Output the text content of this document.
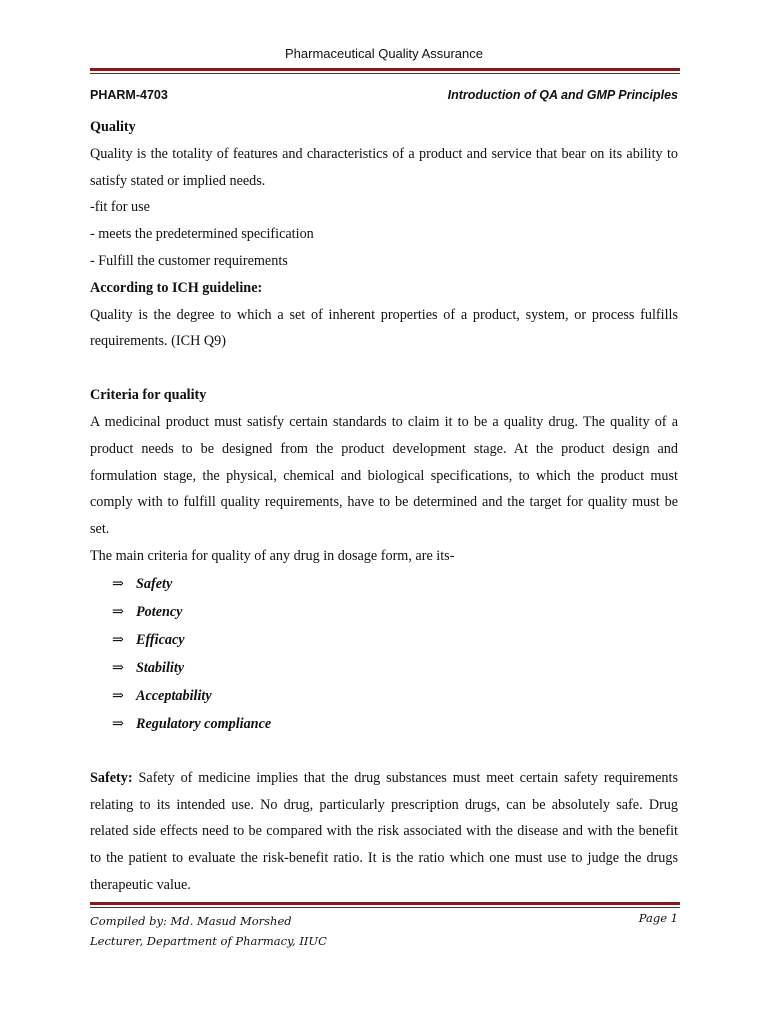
Pharmaceutical Quality Assurance
PHARM-4703	Introduction of QA and GMP Principles

Quality

Quality is the totality of features and characteristics of a product and service that bear on its ability to satisfy stated or implied needs.

-fit for use

- meets the predetermined specification

- Fulfill the customer requirements

According to ICH guideline:

Quality is the degree to which a set of inherent properties of a product, system, or process fulfills requirements. (ICH Q9)

Criteria for quality

A medicinal product must satisfy certain standards to claim it to be a quality drug. The quality of a product needs to be designed from the product development stage. At the product design and formulation stage, the physical, chemical and biological specifications, to which the product must comply with to fulfill quality requirements, have to be determined and the target for quality must be set.

The main criteria for quality of any drug in dosage form, are its-

⇒ Safety
⇒ Potency
⇒ Efficacy
⇒ Stability
⇒ Acceptability
⇒ Regulatory compliance

Safety: Safety of medicine implies that the drug substances must meet certain safety requirements relating to its intended use. No drug, particularly prescription drugs, can be absolutely safe. Drug related side effects need to be compared with the risk associated with the disease and with the benefit to the patient to evaluate the risk-benefit ratio. It is the ratio which one must use to judge the drugs therapeutic value.

Compiled by: Md. Masud Morshed
Lecturer, Department of Pharmacy, IIUC
Page 1
